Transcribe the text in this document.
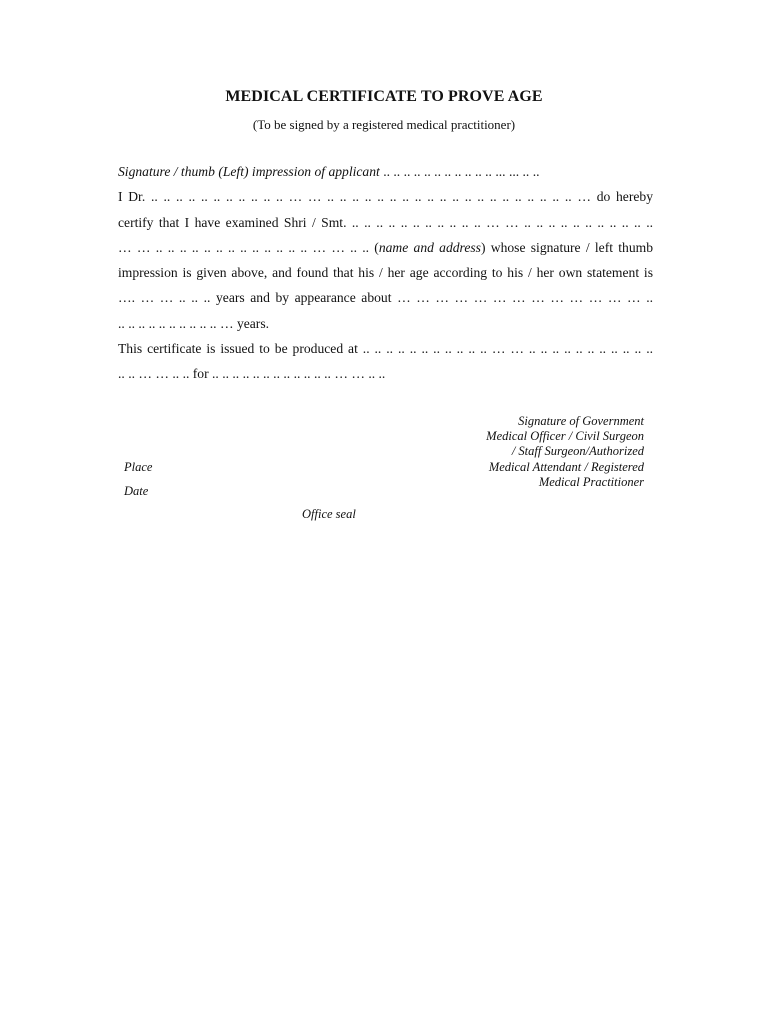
MEDICAL CERTIFICATE TO PROVE AGE
(To be signed by a registered medical practitioner)
Signature / thumb (Left) impression of applicant .. .. .. .. .. .. .. .. .. .. .. ... ... .. ..
I Dr. .. .. .. .. .. .. .. .. .. .. .. … … .. .. .. .. .. .. .. .. .. .. .. .. .. .. .. .. .. .. .. .. … do hereby
certify that I have examined Shri / Smt. .. .. .. .. .. .. .. .. .. .. .. … … .. .. .. .. .. .. .. .. .. .. ..
… … .. .. .. .. .. .. .. .. .. .. .. .. .. … … .. .. (name and address) whose signature / left thumb
impression is given above, and found that his / her age according to his / her own statement is
…. … … .. .. .. years and by appearance about … … … … … … … … … … … … … ..
.. .. .. .. .. .. .. .. .. .. … years.
This certificate is issued to be produced at .. .. .. .. .. .. .. .. .. .. .. … … .. .. .. .. .. .. .. .. .. .. ..
.. .. … … .. .. for .. .. .. .. .. .. .. .. .. .. .. .. … … .. ..
Signature of Government
Medical Officer / Civil Surgeon
/ Staff Surgeon/Authorized
Medical Attendant / Registered
Medical Practitioner
Place
Date
Office seal
